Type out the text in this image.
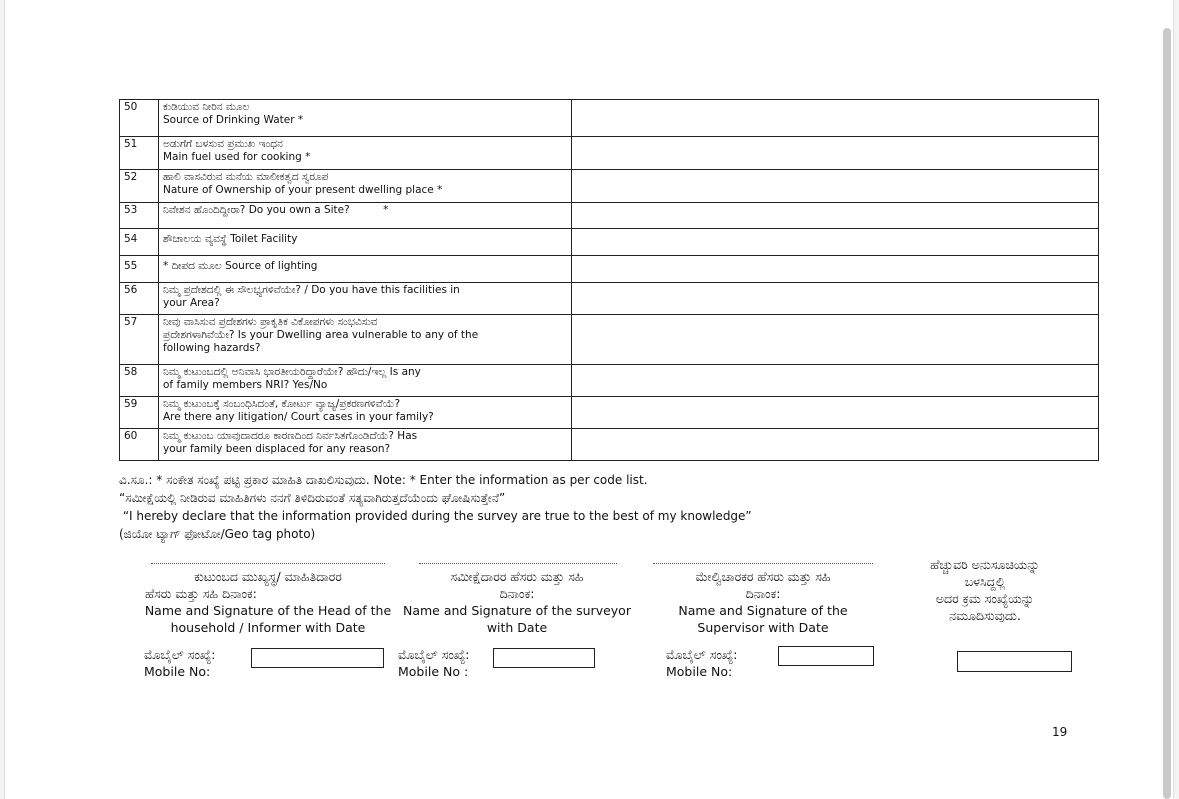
50	ಕುಡಿಯುವ ನೀರಿನ ಮೂಲ
Source of Drinking Water *	

51	ಅಡುಗೆಗೆ ಬಳಸುವ ಪ್ರಮುಖ ಇಂಧನ
Main fuel used for cooking *	

52	ಹಾಲಿ ವಾಸವಿರುವ ಮನೆಯ ಮಾಲೀಕತ್ವದ ಸ್ವರೂಪ
Nature of Ownership of your present dwelling place *	

53	ನಿವೇಶನ ಹೊಂದಿದ್ದೀರಾ? Do you own a Site?          *	
54	ಶೌಚಾಲಯ ವ್ಯವಸ್ಥೆ Toilet Facility	
55	* ದೀಪದ ಮೂಲ Source of lighting	
56	ನಿಮ್ಮ ಪ್ರದೇಶದಲ್ಲಿ ಈ ಸೌಲಭ್ಯಗಳಿವೆಯೇ? / Do you have this facilities in
your Area?	

57	ನೀವು ವಾಸಿಸುವ ಪ್ರದೇಶಗಳು ಪ್ರಾಕೃತಿಕ ವಿಕೋಪಗಳು ಸಂಭವಿಸುವ
ಪ್ರದೇಶಗಳಾಗಿವೆಯೇ? Is your Dwelling area vulnerable to any of the
following hazards?	

58	ನಿಮ್ಮ ಕುಟುಂಬದಲ್ಲಿ ಅನಿವಾಸಿ ಭಾರತೀಯರಿದ್ದಾರೆಯೇ? ಹೌದು/ಇಲ್ಲ Is any
of family members NRI? Yes/No	

59	ನಿಮ್ಮ ಕುಟುಂಬಕ್ಕೆ ಸಂಬಂಧಿಸಿದಂತೆ, ಕೋರ್ಟು ವ್ಯಾಜ್ಯ/ಪ್ರಕರಣಗಳಿವೆಯೆ?
Are there any litigation/ Court cases in your family?	

60	ನಿಮ್ಮ ಕುಟುಂಬ ಯಾವುದಾದರೂ ಕಾರಣದಿಂದ ನಿರ್ವಸಿತಗೊಂಡಿದೆಯೆ? Has
your family been displaced for any reason?	

ವಿ.ಸೂ.: * ಸಂಕೇತ ಸಂಖ್ಯೆ ಪಟ್ಟಿ ಪ್ರಕಾರ ಮಾಹಿತಿ ದಾಖಲಿಸುವುದು. Note: * Enter the information as per code list.
“ಸಮೀಕ್ಷೆಯಲ್ಲಿ ನೀಡಿರುವ ಮಾಹಿತಿಗಳು ನನಗೆ ತಿಳಿದಿರುವಂತೆ ಸತ್ಯವಾಗಿರುತ್ತದೆಯೆಂದು ಘೋಷಿಸುತ್ತೇನೆ”
“I hereby declare that the information provided during the survey are true to the best of my knowledge”
(ಜಿಯೋ ಟ್ಯಾಗ್ ಫೋಟೋ/Geo tag photo)
ಕುಟುಂಬದ ಮುಖ್ಯಸ್ಥ/ ಮಾಹಿತಿದಾರರ
ಹೆಸರು ಮತ್ತು ಸಹಿ ದಿನಾಂಕ:
Name and Signature of the Head of the
household / Informer with Date
ಸಮೀಕ್ಷೆದಾರರ ಹೆಸರು ಮತ್ತು ಸಹಿ
ದಿನಾಂಕ:
Name and Signature of the surveyor
with Date
ಮೇಲ್ವಿಚಾರಕರ ಹೆಸರು ಮತ್ತು ಸಹಿ
ದಿನಾಂಕ:
Name and Signature of the
Supervisor with Date
ಹೆಚ್ಚುವರಿ ಅನುಸೂಚಿಯನ್ನು
ಬಳಸಿದ್ದಲ್ಲಿ
ಅದರ ಕ್ರಮ ಸಂಖ್ಯೆಯನ್ನು
ನಮೂದಿಸುವುದು.
ಮೊಬೈಲ್ ಸಂಖ್ಯೆ:
Mobile No:
ಮೊಬೈಲ್ ಸಂಖ್ಯೆ:
Mobile No :
ಮೊಬೈಲ್ ಸಂಖ್ಯೆ:
Mobile No:
19
